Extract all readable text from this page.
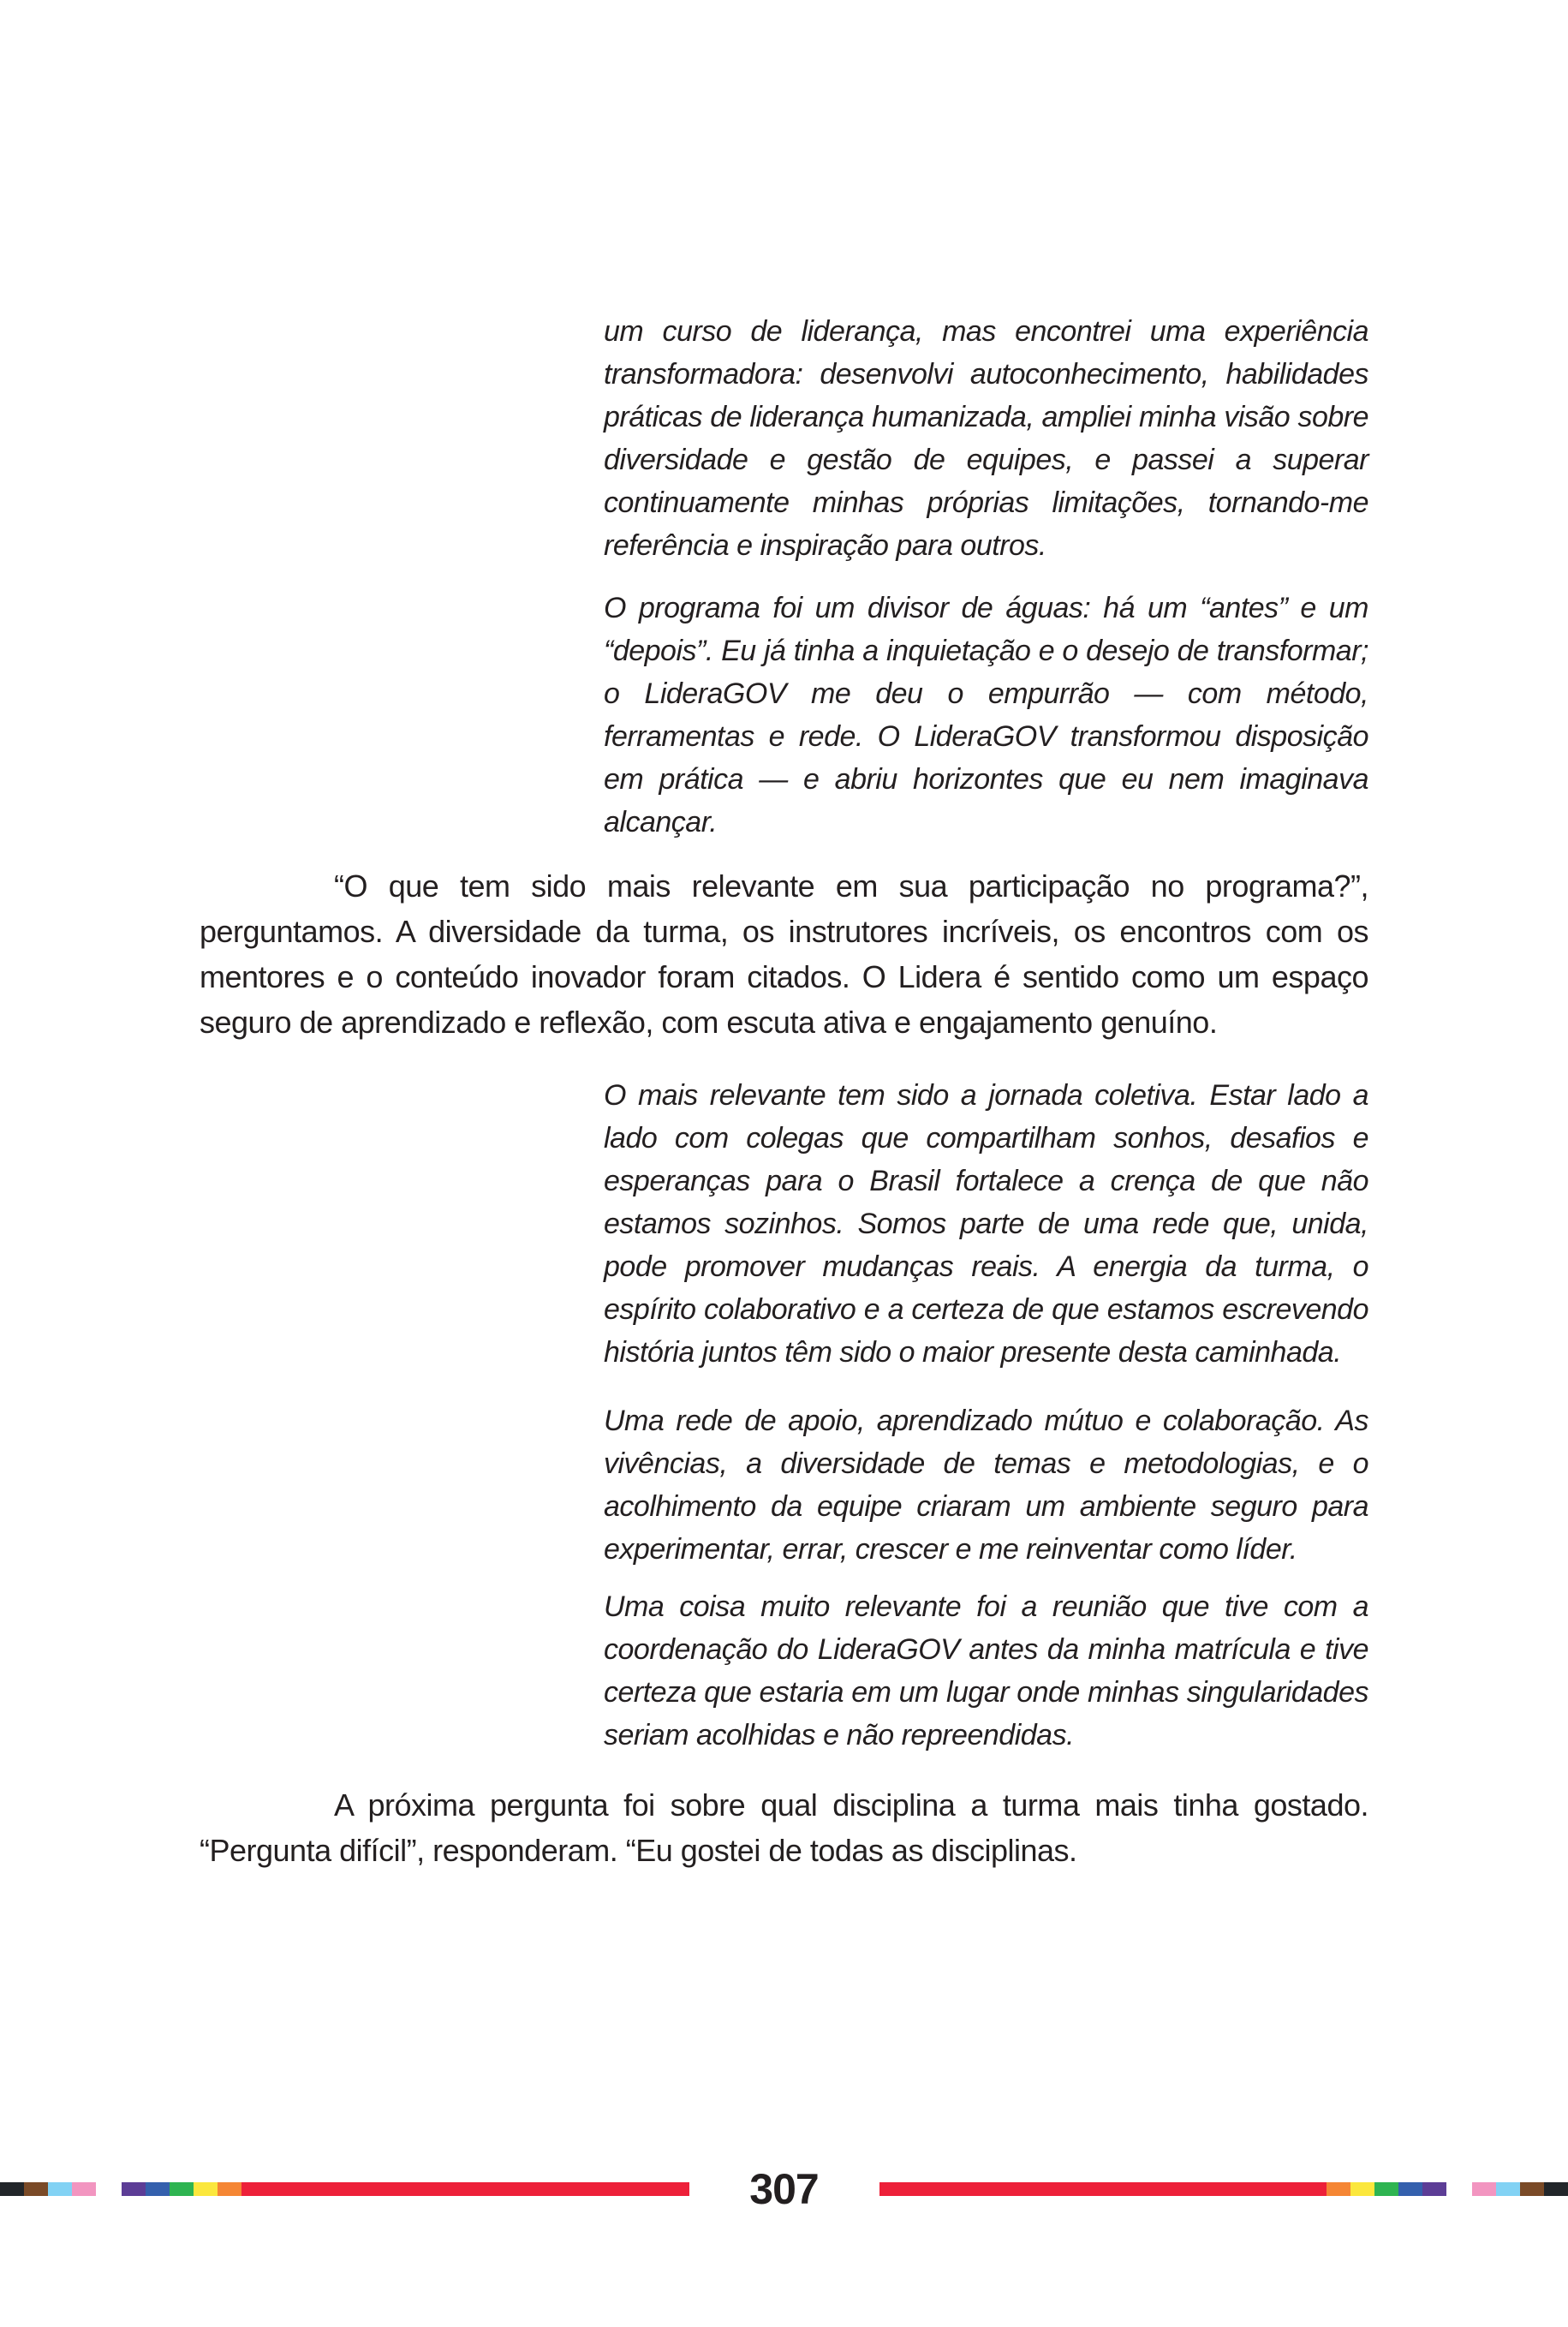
um curso de liderança, mas encontrei uma experiência transformadora: desenvolvi autoconhecimento, habilidades práticas de liderança humanizada, ampliei minha visão sobre diversidade e gestão de equipes, e passei a superar continuamente minhas próprias limitações, tornando-me referência e inspiração para outros.

O programa foi um divisor de águas: há um “antes” e um “depois”. Eu já tinha a inquietação e o desejo de transformar; o LideraGOV me deu o empurrão — com método, ferramentas e rede. O LideraGOV transformou disposição em prática — e abriu horizontes que eu nem imaginava alcançar.

“O que tem sido mais relevante em sua participação no programa?”, perguntamos. A diversidade da turma, os instrutores incríveis, os encontros com os mentores e o conteúdo inovador foram citados. O Lidera é sentido como um espaço seguro de aprendizado e reflexão, com escuta ativa e engajamento genuíno.

O mais relevante tem sido a jornada coletiva. Estar lado a lado com colegas que compartilham sonhos, desafios e esperanças para o Brasil fortalece a crença de que não estamos sozinhos. Somos parte de uma rede que, unida, pode promover mudanças reais. A energia da turma, o espírito colaborativo e a certeza de que estamos escrevendo história juntos têm sido o maior presente desta caminhada.

Uma rede de apoio, aprendizado mútuo e colaboração. As vivências, a diversidade de temas e metodologias, e o acolhimento da equipe criaram um ambiente seguro para experimentar, errar, crescer e me reinventar como líder.

Uma coisa muito relevante foi a reunião que tive com a coordenação do LideraGOV antes da minha matrícula e tive certeza que estaria em um lugar onde minhas singularidades seriam acolhidas e não repreendidas.

A próxima pergunta foi sobre qual disciplina a turma mais tinha gostado. “Pergunta difícil”, responderam. “Eu gostei de todas as disciplinas.

307
